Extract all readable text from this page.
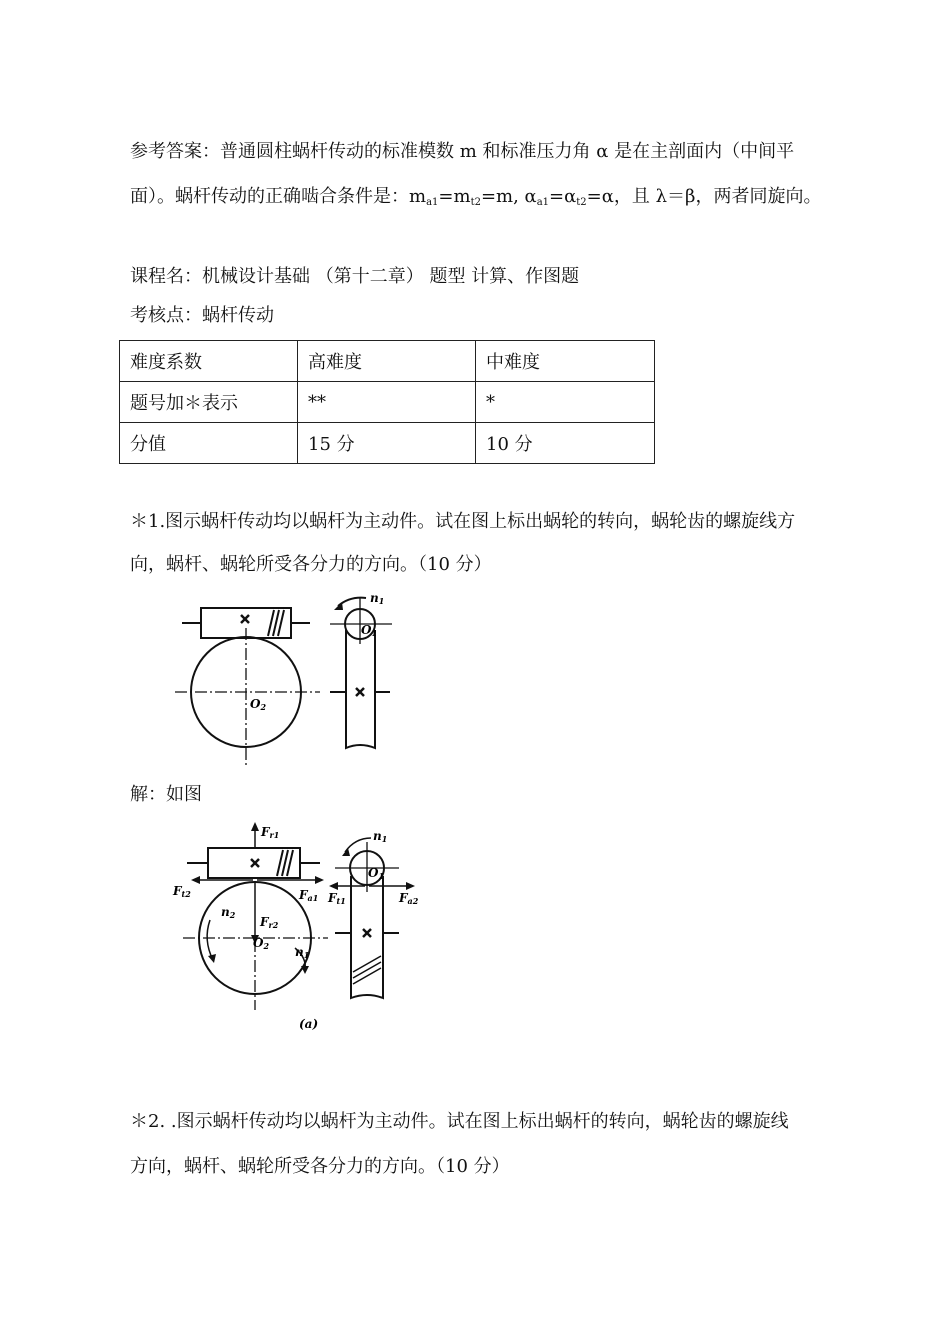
参考答案：普通圆柱蜗杆传动的标准模数 m 和标准压力角 α 是在主剖面内（中间平
面）。蜗杆传动的正确啮合条件是：$m_{a1}=m_{t2}=m$, $\alpha_{a1}=\alpha_{t2}=\alpha$，且 λ＝β，两者同旋向。
课程名：机械设计基础 （第十二章） 题型 计算、作图题
考核点：蜗杆传动
难度系数	高难度	中难度
题号加＊表示	**	*
分值	15 分	10 分
＊1.图示蜗杆传动均以蜗杆为主动件。试在图上标出蜗轮的转向，蜗轮齿的螺旋线方
向，蜗杆、蜗轮所受各分力的方向。（10 分）
n1
O1
O2
解：如图
Fr1
Ft2	Fa1
n2 Fr2
O2 n1
n1
O1
Ft1	Fa2
(a)
＊2. .图示蜗杆传动均以蜗杆为主动件。试在图上标出蜗杆的转向，蜗轮齿的螺旋线
方向，蜗杆、蜗轮所受各分力的方向。（10 分）
